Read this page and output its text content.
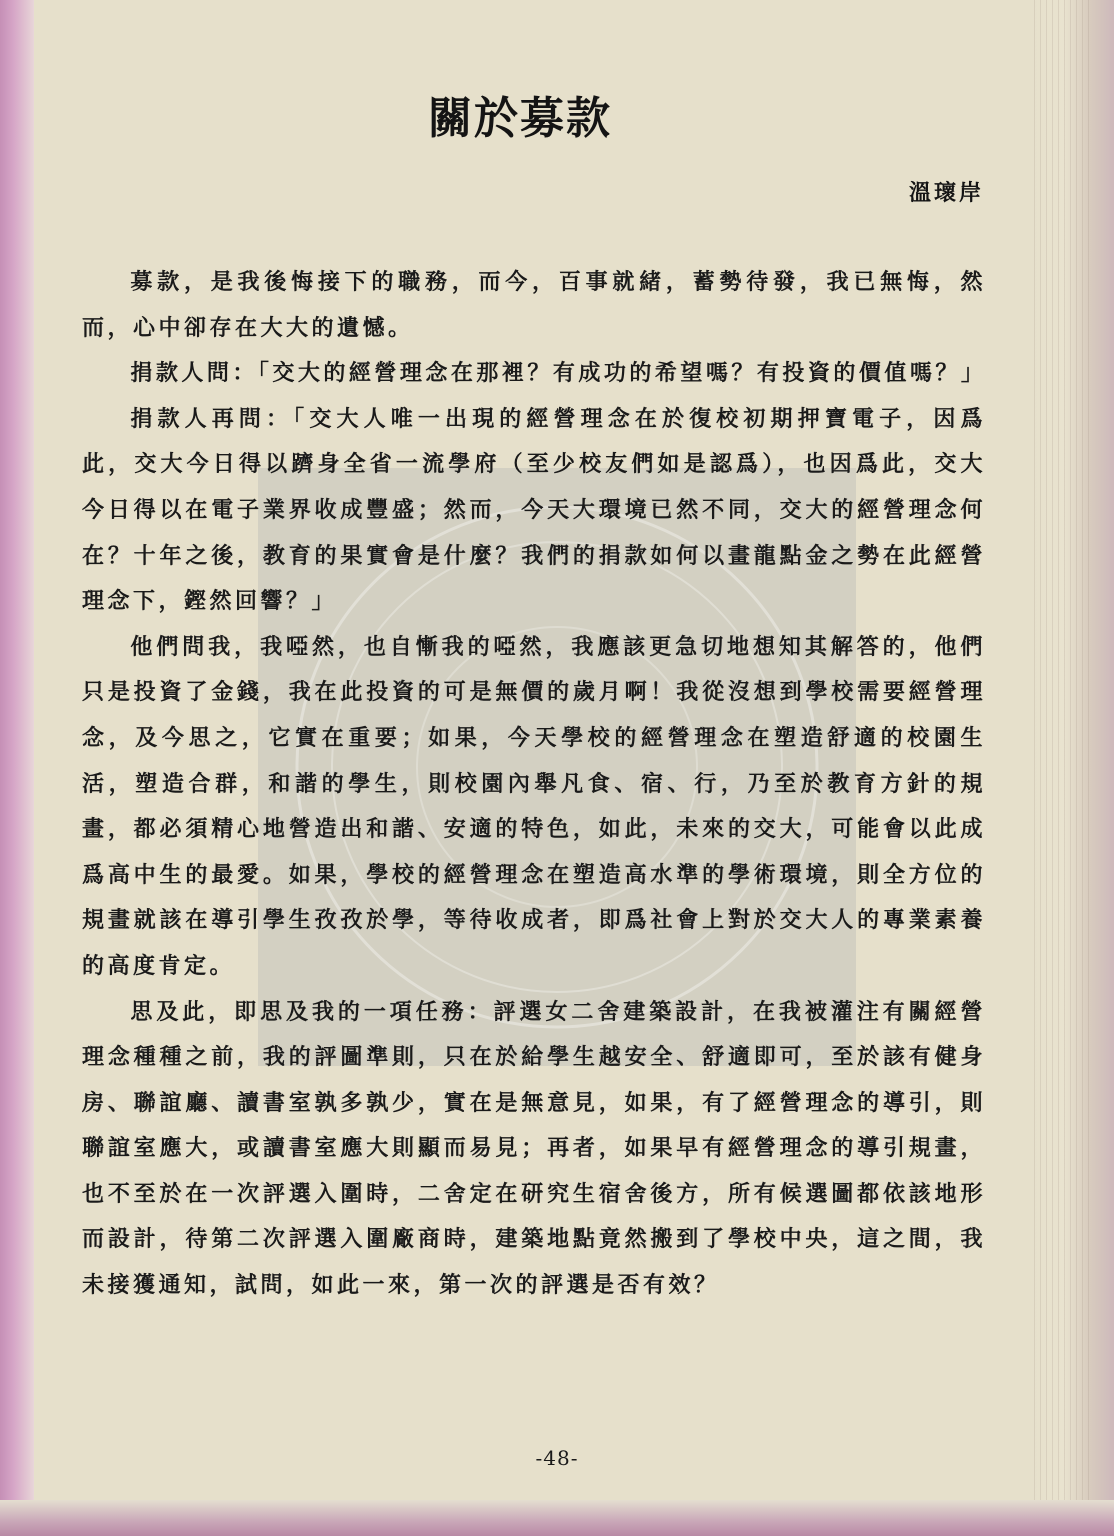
關於募款
溫瓌岸

募款，是我後悔接下的職務，而今，百事就緒，蓄勢待發，我已無悔，然而，心中卻存在大大的遺憾。

捐款人問：「交大的經營理念在那裡？有成功的希望嗎？有投資的價值嗎？」

捐款人再問：「交大人唯一出現的經營理念在於復校初期押寶電子，因爲此，交大今日得以躋身全省一流學府（至少校友們如是認爲），也因爲此，交大今日得以在電子業界收成豐盛；然而，今天大環境已然不同，交大的經營理念何在？十年之後，教育的果實會是什麼？我們的捐款如何以畫龍點金之勢在此經營理念下，鏗然回響？」

他們問我，我啞然，也自慚我的啞然，我應該更急切地想知其解答的，他們只是投資了金錢，我在此投資的可是無價的歲月啊！我從沒想到學校需要經營理念，及今思之，它實在重要；如果，今天學校的經營理念在塑造舒適的校園生活，塑造合群，和諧的學生，則校園內舉凡食、宿、行，乃至於教育方針的規畫，都必須精心地營造出和諧、安適的特色，如此，未來的交大，可能會以此成爲高中生的最愛。如果，學校的經營理念在塑造高水準的學術環境，則全方位的規畫就該在導引學生孜孜於學，等待收成者，即爲社會上對於交大人的專業素養的高度肯定。

思及此，即思及我的一項任務：評選女二舍建築設計，在我被灌注有關經營理念種種之前，我的評圖準則，只在於給學生越安全、舒適即可，至於該有健身房、聯誼廳、讀書室孰多孰少，實在是無意見，如果，有了經營理念的導引，則聯誼室應大，或讀書室應大則顯而易見；再者，如果早有經營理念的導引規畫，也不至於在一次評選入圍時，二舍定在研究生宿舍後方，所有候選圖都依該地形而設計，待第二次評選入圍廠商時，建築地點竟然搬到了學校中央，這之間，我未接獲通知，試問，如此一來，第一次的評選是否有效？

-48-
